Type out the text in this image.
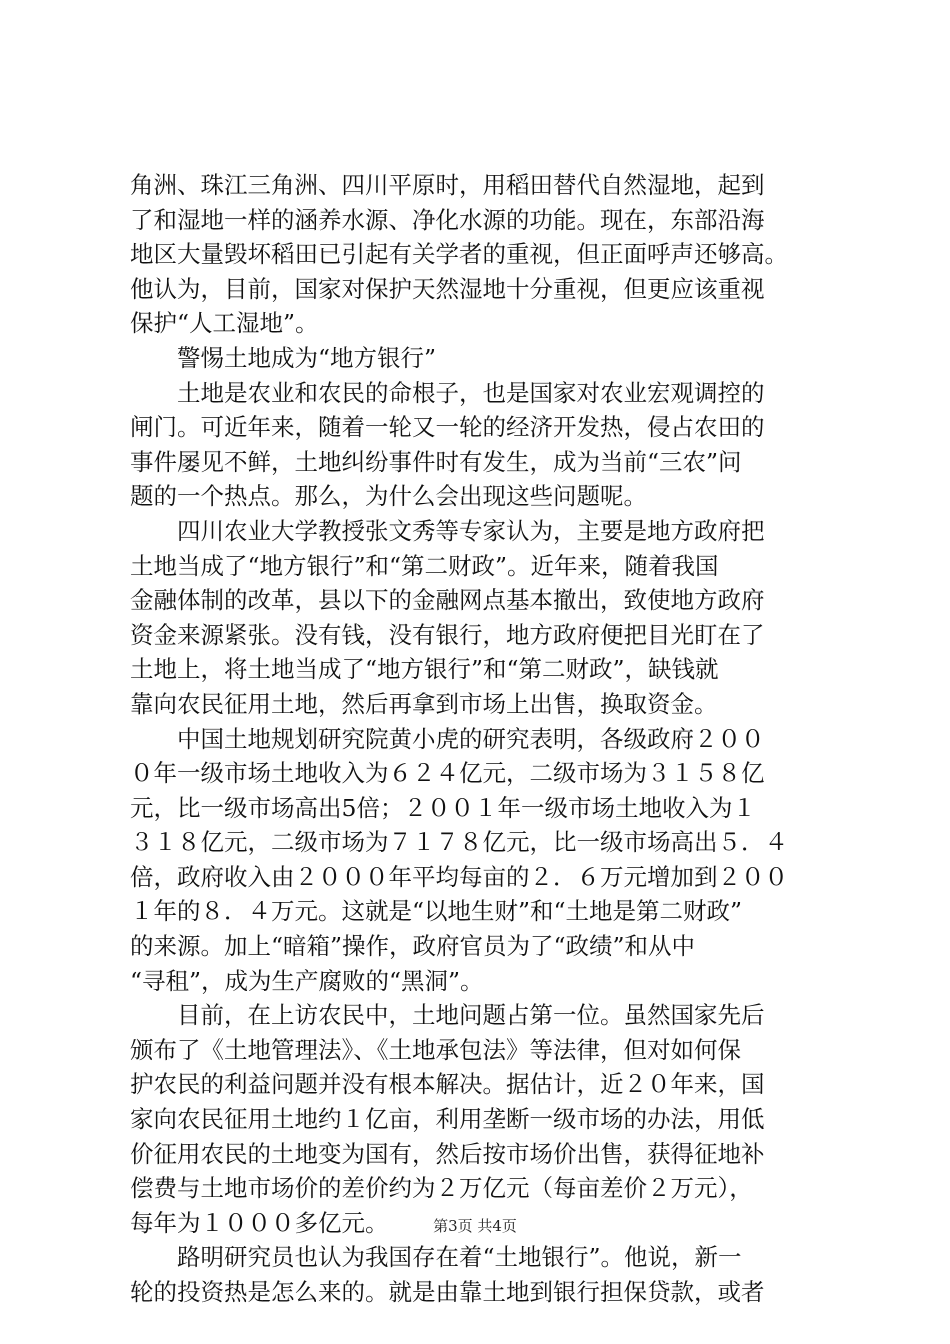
角洲、珠江三角洲、四川平原时，用稻田替代自然湿地，起到
了和湿地一样的涵养水源、净化水源的功能。现在，东部沿海
地区大量毁坏稻田已引起有关学者的重视，但正面呼声还够高。
他认为，目前，国家对保护天然湿地十分重视，但更应该重视
保护“人工湿地”。
　　警惕土地成为“地方银行”
　　土地是农业和农民的命根子，也是国家对农业宏观调控的
闸门。可近年来，随着一轮又一轮的经济开发热，侵占农田的
事件屡见不鲜，土地纠纷事件时有发生，成为当前“三农”问
题的一个热点。那么，为什么会出现这些问题呢。
　　四川农业大学教授张文秀等专家认为，主要是地方政府把
土地当成了“地方银行”和“第二财政”。近年来，随着我国
金融体制的改革，县以下的金融网点基本撤出，致使地方政府
资金来源紧张。没有钱，没有银行，地方政府便把目光盯在了
土地上，将土地当成了“地方银行”和“第二财政”，缺钱就
靠向农民征用土地，然后再拿到市场上出售，换取资金。
　　中国土地规划研究院黄小虎的研究表明，各级政府２００
０年一级市场土地收入为６２４亿元，二级市场为３１５８亿
元，比一级市场高出5倍；２００１年一级市场土地收入为１
３１８亿元，二级市场为７１７８亿元，比一级市场高出５．４
倍，政府收入由２０００年平均每亩的２．６万元增加到２００
１年的８．４万元。这就是“以地生财”和“土地是第二财政”
的来源。加上“暗箱”操作，政府官员为了“政绩”和从中
“寻租”，成为生产腐败的“黑洞”。
　　目前，在上访农民中，土地问题占第一位。虽然国家先后
颁布了《土地管理法》、《土地承包法》等法律，但对如何保
护农民的利益问题并没有根本解决。据估计，近２０年来，国
家向农民征用土地约１亿亩，利用垄断一级市场的办法，用低
价征用农民的土地变为国有，然后按市场价出售，获得征地补
偿费与土地市场价的差价约为２万亿元（每亩差价２万元），
每年为１０００多亿元。
　　路明研究员也认为我国存在着“土地银行”。他说，新一
轮的投资热是怎么来的。就是由靠土地到银行担保贷款，或者
第3页 共4页
